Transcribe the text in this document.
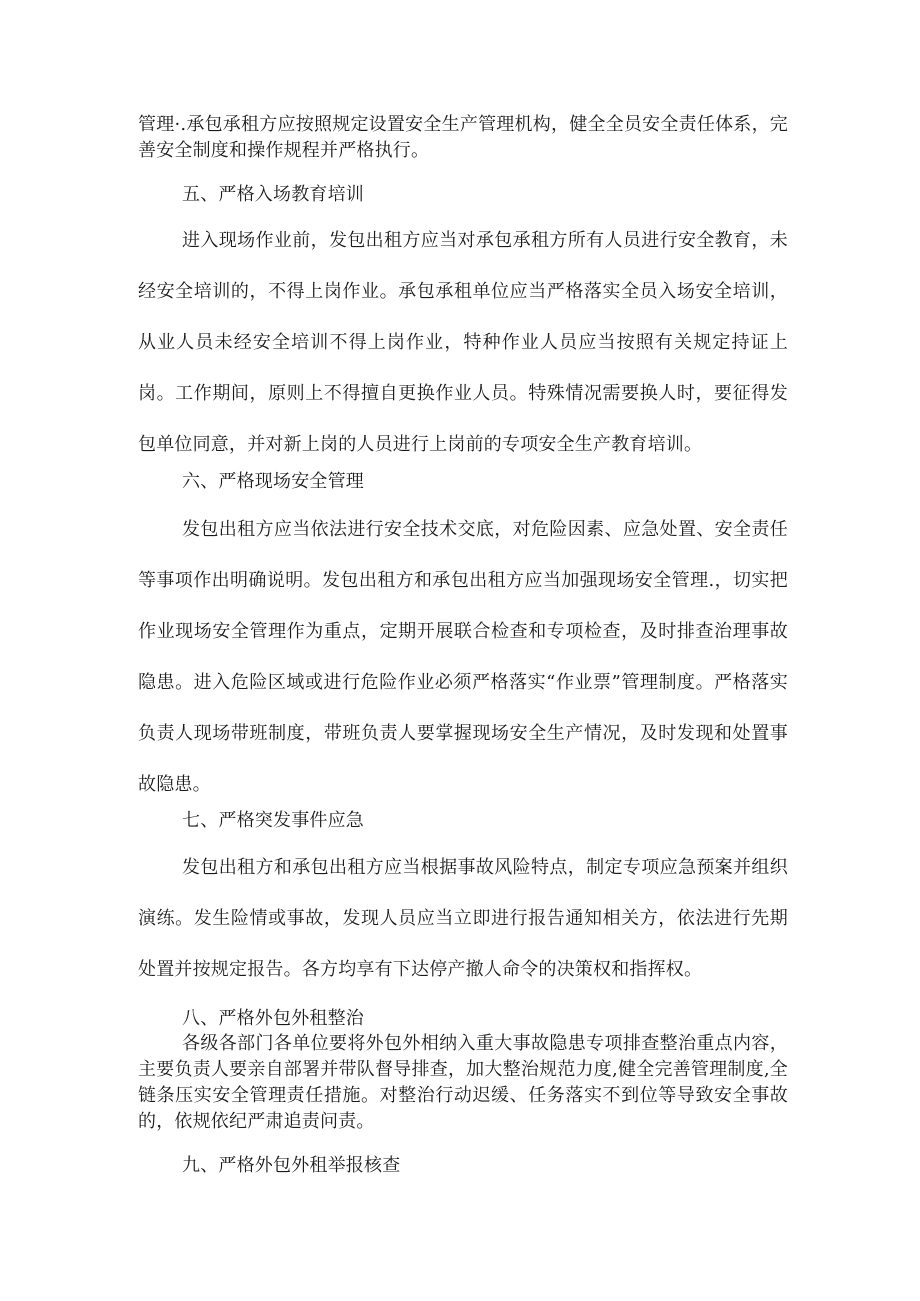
管理·.承包承租方应按照规定设置安全生产管理机构，健全全员安全责任体系，完善安全制度和操作规程并严格执行。

五、严格入场教育培训

进入现场作业前，发包出租方应当对承包承租方所有人员进行安全教育，未经安全培训的，不得上岗作业。承包承租单位应当严格落实全员入场安全培训，从业人员未经安全培训不得上岗作业，特种作业人员应当按照有关规定持证上岗。工作期间，原则上不得擅自更换作业人员。特殊情况需要换人时，要征得发包单位同意，并对新上岗的人员进行上岗前的专项安全生产教育培训。

六、严格现场安全管理

发包出租方应当依法进行安全技术交底，对危险因素、应急处置、安全责任等事项作出明确说明。发包出租方和承包出租方应当加强现场安全管理.，切实把作业现场安全管理作为重点，定期开展联合检查和专项检查，及时排查治理事故隐患。进入危险区域或进行危险作业必须严格落实“作业票”管理制度。严格落实负责人现场带班制度，带班负责人要掌握现场安全生产情况，及时发现和处置事故隐患。

七、严格突发事件应急

发包出租方和承包出租方应当根据事故风险特点，制定专项应急预案并组织演练。发生险情或事故，发现人员应当立即进行报告通知相关方，依法进行先期处置并按规定报告。各方均享有下达停产撤人命令的决策权和指挥权。

八、严格外包外租整治

各级各部门各单位要将外包外相纳入重大事故隐患专项排查整治重点内容，主要负责人要亲自部署并带队督导排查，加大整治规范力度,健全完善管理制度,全链条压实安全管理责任措施。对整治行动迟缓、任务落实不到位等导致安全事故的，依规依纪严肃追责问责。

九、严格外包外租举报核查
